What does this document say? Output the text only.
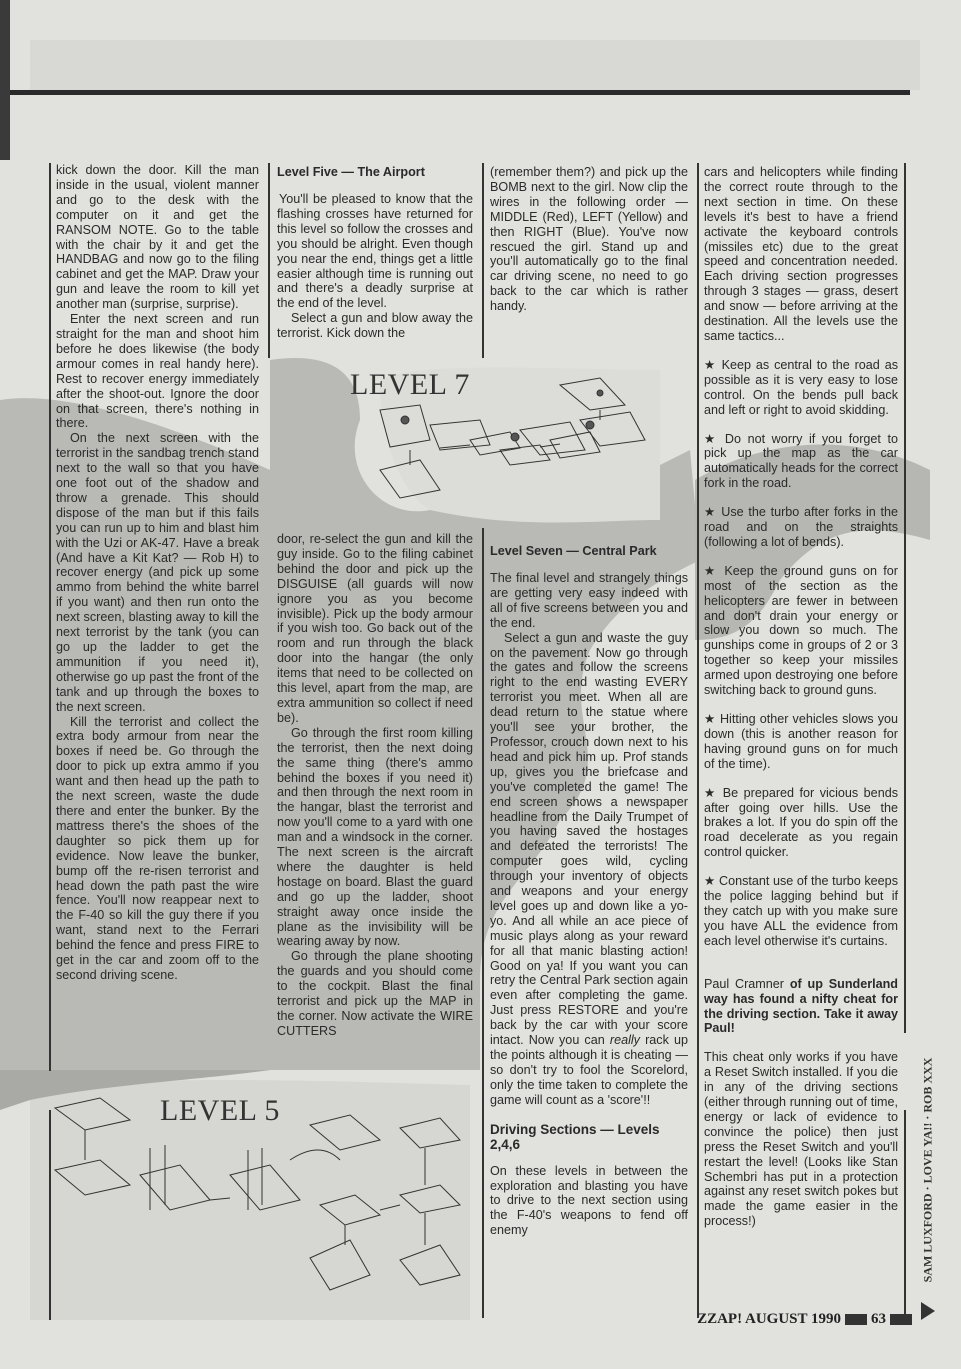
kick down the door. Kill the man inside in the usual, violent manner and go to the desk with the computer on it and get the RANSOM NOTE. Go to the table with the chair by it and get the HANDBAG and now go to the filing cabinet and get the MAP. Draw your gun and leave the room to kill yet another man (surprise, surprise).

Enter the next screen and run straight for the man and shoot him before he does likewise (the body armour comes in real handy here). Rest to recover energy immediately after the shoot-out. Ignore the door on that screen, there's nothing in there.

On the next screen with the terrorist in the sandbag trench stand next to the wall so that you have one foot out of the shadow and throw a grenade. This should dispose of the man but if this fails you can run up to him and blast him with the Uzi or AK-47. Have a break (And have a Kit Kat? — Rob H) to recover energy (and pick up some ammo from behind the white barrel if you want) and then run onto the next screen, blasting away to kill the next terrorist by the tank (you can go up the ladder to get the ammunition if you need it), otherwise go up past the front of the tank and up through the boxes to the next screen.

Kill the terrorist and collect the extra body armour from near the boxes if need be. Go through the door to pick up extra ammo if you want and then head up the path to the next screen, waste the dude there and enter the bunker. By the mattress there's the shoes of the daughter so pick them up for evidence. Now leave the bunker, bump off the re-risen terrorist and head down the path past the wire fence. You'll now reappear next to the F-40 so kill the guy there if you want, stand next to the Ferrari behind the fence and press FIRE to get in the car and zoom off to the second driving scene.

Level Five — The Airport

You'll be pleased to know that the flashing crosses have returned for this level so follow the crosses and you should be alright. Even though you near the end, things get a little easier although time is running out and there's a deadly surprise at the end of the level.

Select a gun and blow away the terrorist. Kick down the

door, re-select the gun and kill the guy inside. Go to the filing cabinet behind the door and pick up the DISGUISE (all guards will now ignore you as you become invisible). Pick up the body armour if you wish too. Go back out of the room and run through the black door into the hangar (the only items that need to be collected on this level, apart from the map, are extra ammunition so collect if need be).

Go through the first room killing the terrorist, then the next doing the same thing (there's ammo behind the boxes if you need it) and then through the next room in the hangar, blast the terrorist and now you'll come to a yard with one man and a windsock in the corner. The next screen is the aircraft where the daughter is held hostage on board. Blast the guard and go up the ladder, shoot straight away once inside the plane as the invisibility will be wearing away by now.

Go through the plane shooting the guards and you should come to the cockpit. Blast the final terrorist and pick up the MAP in the corner. Now activate the WIRE CUTTERS

(remember them?) and pick up the BOMB next to the girl. Now clip the wires in the following order — MIDDLE (Red), LEFT (Yellow) and then RIGHT (Blue). You've now rescued the girl. Stand up and you'll automatically go to the final car driving scene, no need to go back to the car which is rather handy.

Level Seven — Central Park

The final level and strangely things are getting very easy indeed with all of five screens between you and the end.

Select a gun and waste the guy on the pavement. Now go through the gates and follow the screens right to the end wasting EVERY terrorist you meet. When all are dead return to the statue where you'll see your brother, the Professor, crouch down next to his head and pick him up. Prof stands up, gives you the briefcase and you've completed the game! The end screen shows a newspaper headline from the Daily Trumpet of you having saved the hostages and defeated the terrorists! The computer goes wild, cycling through your inventory of objects and weapons and your energy level goes up and down like a yo-yo. And all while an ace piece of music plays along as your reward for all that manic blasting action! Good on ya! If you want you can retry the Central Park section again even after completing the game. Just press RESTORE and you're back by the car with your score intact. Now you can really rack up the points although it is cheating — so don't try to fool the Scorelord, only the time taken to complete the game will count as a 'score'!!

Driving Sections — Levels 2,4,6

On these levels in between the exploration and blasting you have to drive to the next section using the F-40's weapons to fend off enemy

cars and helicopters while finding the correct route through to the next section in time. On these levels it's best to have a friend activate the keyboard controls (missiles etc) due to the great speed and concentration needed. Each driving section progresses through 3 stages — grass, desert and snow — before arriving at the destination. All the levels use the same tactics...

★ Keep as central to the road as possible as it is very easy to lose control. On the bends pull back and left or right to avoid skidding.

★ Do not worry if you forget to pick up the map as the car automatically heads for the correct fork in the road.

★ Use the turbo after forks in the road and on the straights (following a lot of bends).

★ Keep the ground guns on for most of the section as the helicopters are fewer in between and don't drain your energy or slow you down so much. The gunships come in groups of 2 or 3 together so keep your missiles armed upon destroying one before switching back to ground guns.

★ Hitting other vehicles slows you down (this is another reason for having ground guns on for much of the time).

★ Be prepared for vicious bends after going over hills. Use the brakes a lot. If you do spin off the road decelerate as you regain control quicker.

★ Constant use of the turbo keeps the police lagging behind but if they catch up with you make sure you have ALL the evidence from each level otherwise it's curtains.

Paul Cramner of up Sunderland way has found a nifty cheat for the driving section. Take it away Paul!

This cheat only works if you have a Reset Switch installed. If you die in any of the driving sections (either through running out of time, energy or lack of evidence to convince the police) then just press the Reset Switch and you'll restart the level! (Looks like Stan Schembri has put in a protection against any reset switch pokes but made the game easier in the process!)

LEVEL 7
LEVEL 5	SAM LUXFORD · LOVE YA!! · ROB XXX
ZZAP! AUGUST 1990 63
